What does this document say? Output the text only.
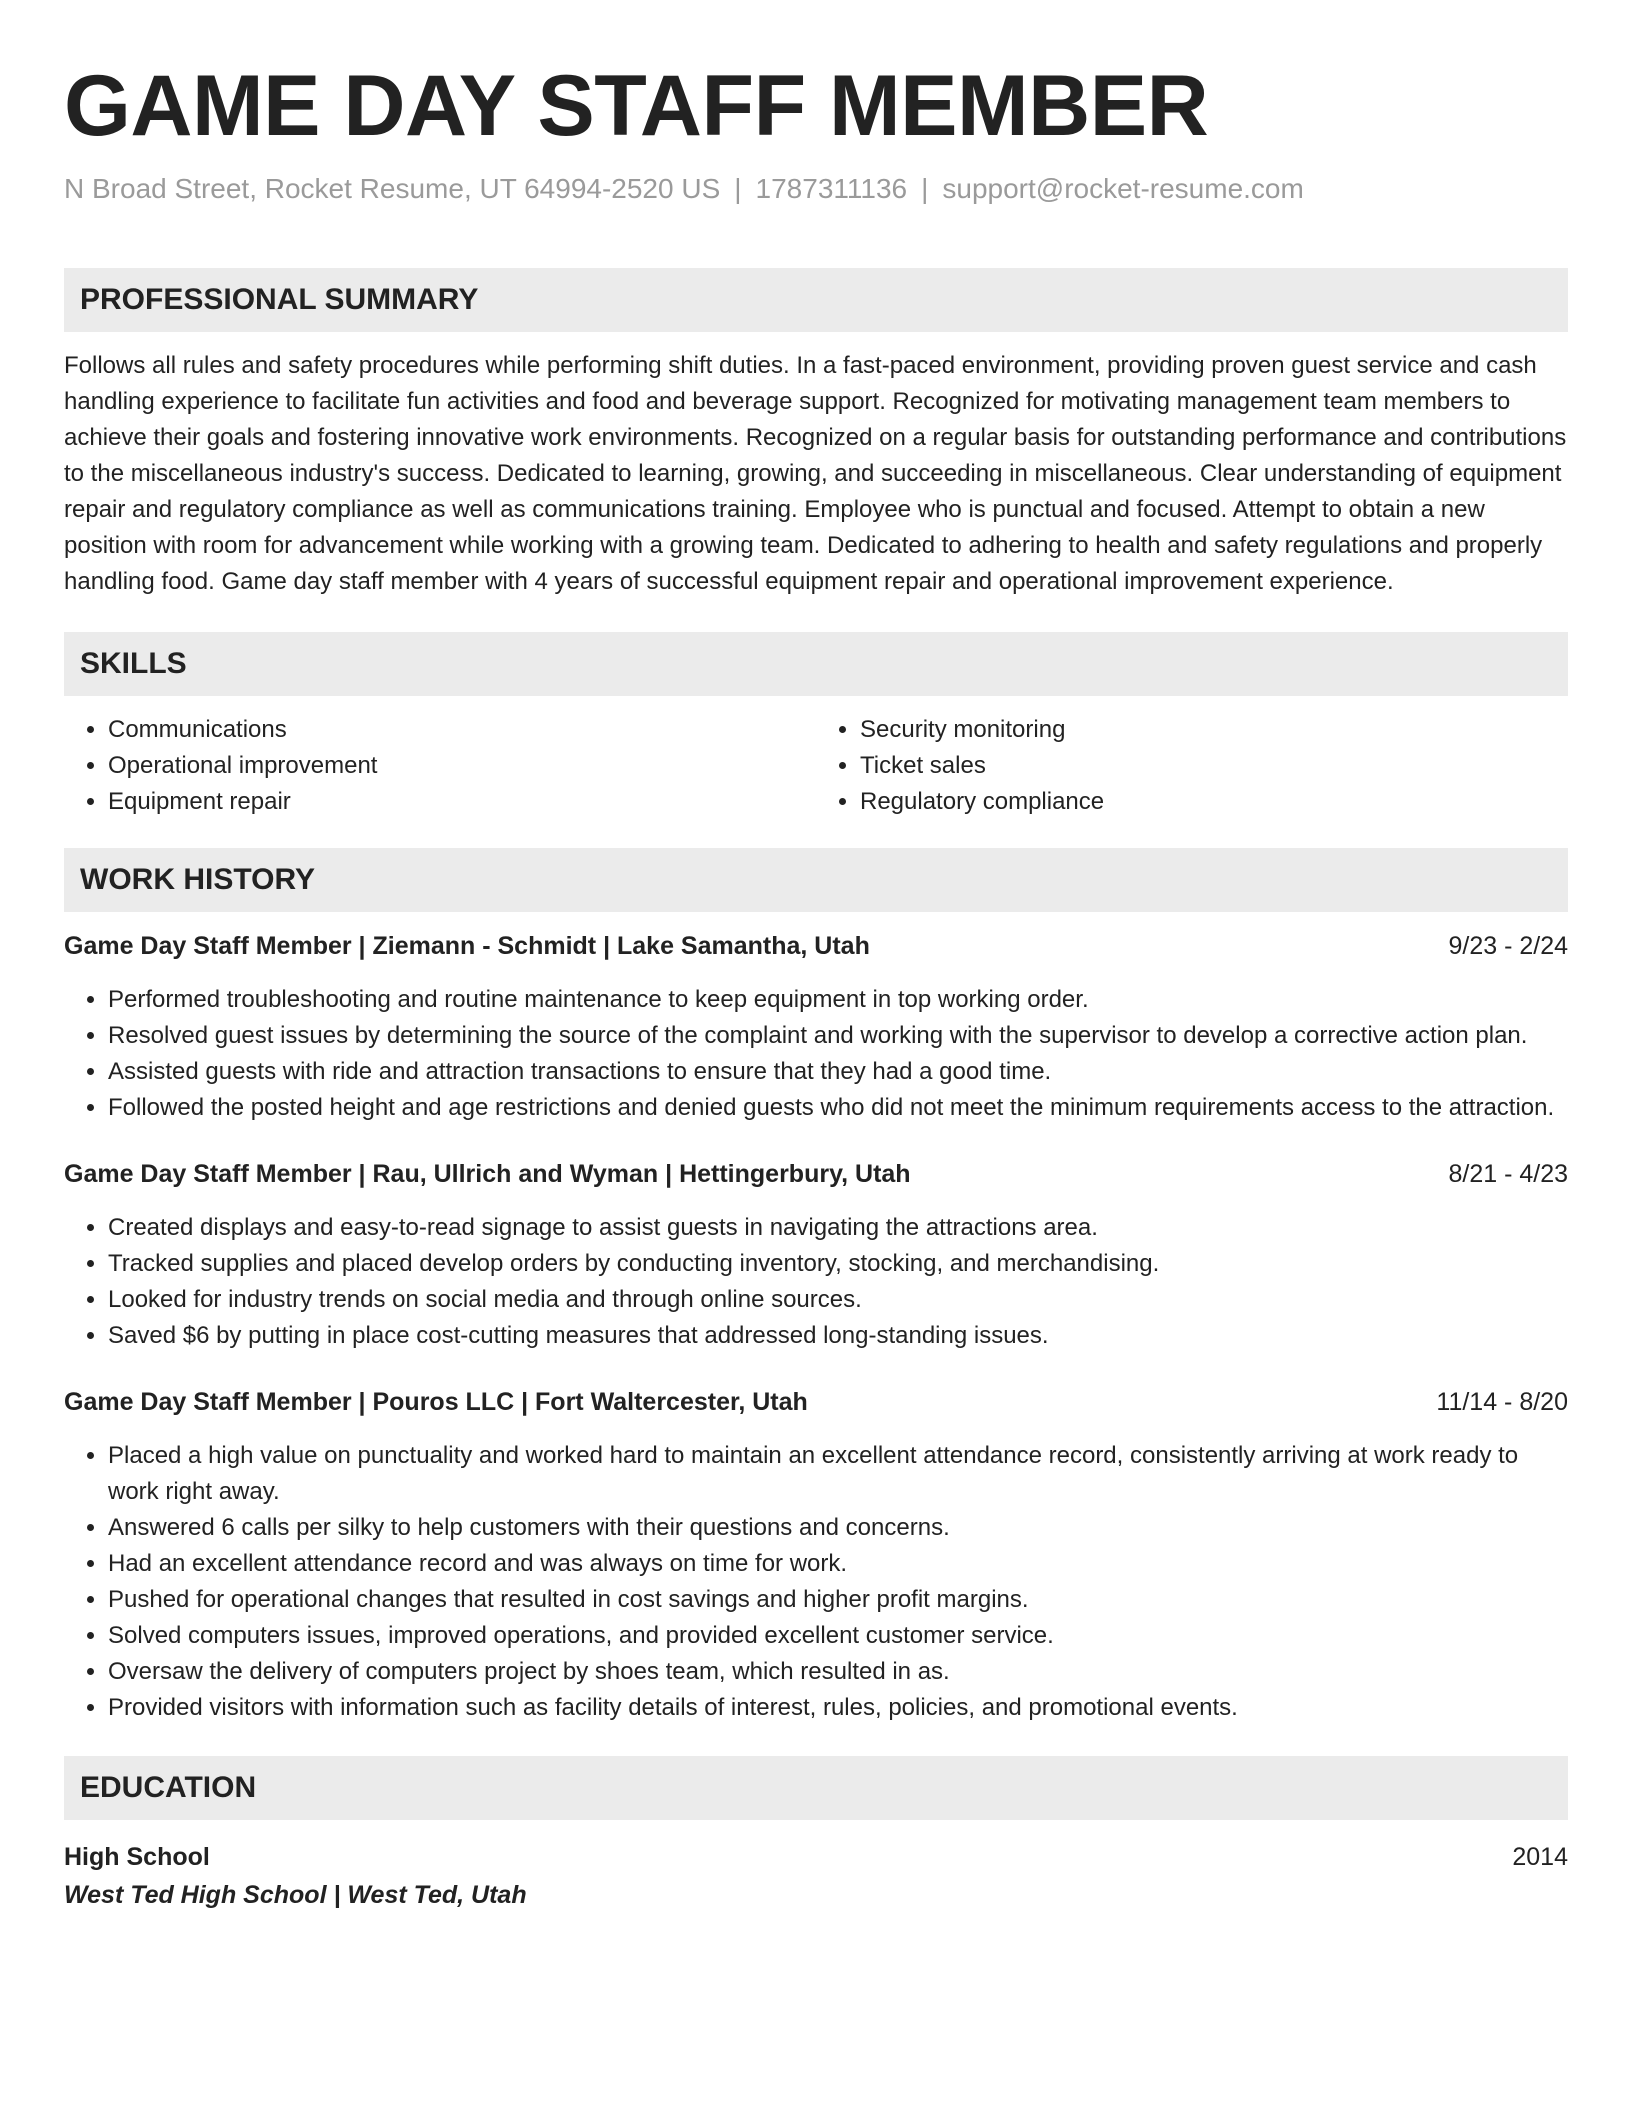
GAME DAY STAFF MEMBER
N Broad Street, Rocket Resume, UT 64994-2520 US | 1787311136 | support@rocket-resume.com
PROFESSIONAL SUMMARY
Follows all rules and safety procedures while performing shift duties. In a fast-paced environment, providing proven guest service and cash handling experience to facilitate fun activities and food and beverage support. Recognized for motivating management team members to achieve their goals and fostering innovative work environments. Recognized on a regular basis for outstanding performance and contributions to the miscellaneous industry's success. Dedicated to learning, growing, and succeeding in miscellaneous. Clear understanding of equipment repair and regulatory compliance as well as communications training. Employee who is punctual and focused. Attempt to obtain a new position with room for advancement while working with a growing team. Dedicated to adhering to health and safety regulations and properly handling food. Game day staff member with 4 years of successful equipment repair and operational improvement experience.
SKILLS
• Communications
• Operational improvement
• Equipment repair
• Security monitoring
• Ticket sales
• Regulatory compliance
WORK HISTORY
Game Day Staff Member | Ziemann - Schmidt | Lake Samantha, Utah	9/23 - 2/24
• Performed troubleshooting and routine maintenance to keep equipment in top working order.
• Resolved guest issues by determining the source of the complaint and working with the supervisor to develop a corrective action plan.
• Assisted guests with ride and attraction transactions to ensure that they had a good time.
• Followed the posted height and age restrictions and denied guests who did not meet the minimum requirements access to the attraction.
Game Day Staff Member | Rau, Ullrich and Wyman | Hettingerbury, Utah	8/21 - 4/23
• Created displays and easy-to-read signage to assist guests in navigating the attractions area.
• Tracked supplies and placed develop orders by conducting inventory, stocking, and merchandising.
• Looked for industry trends on social media and through online sources.
• Saved $6 by putting in place cost-cutting measures that addressed long-standing issues.
Game Day Staff Member | Pouros LLC | Fort Waltercester, Utah	11/14 - 8/20
• Placed a high value on punctuality and worked hard to maintain an excellent attendance record, consistently arriving at work ready to work right away.
• Answered 6 calls per silky to help customers with their questions and concerns.
• Had an excellent attendance record and was always on time for work.
• Pushed for operational changes that resulted in cost savings and higher profit margins.
• Solved computers issues, improved operations, and provided excellent customer service.
• Oversaw the delivery of computers project by shoes team, which resulted in as.
• Provided visitors with information such as facility details of interest, rules, policies, and promotional events.
EDUCATION
High School	2014
West Ted High School | West Ted, Utah
